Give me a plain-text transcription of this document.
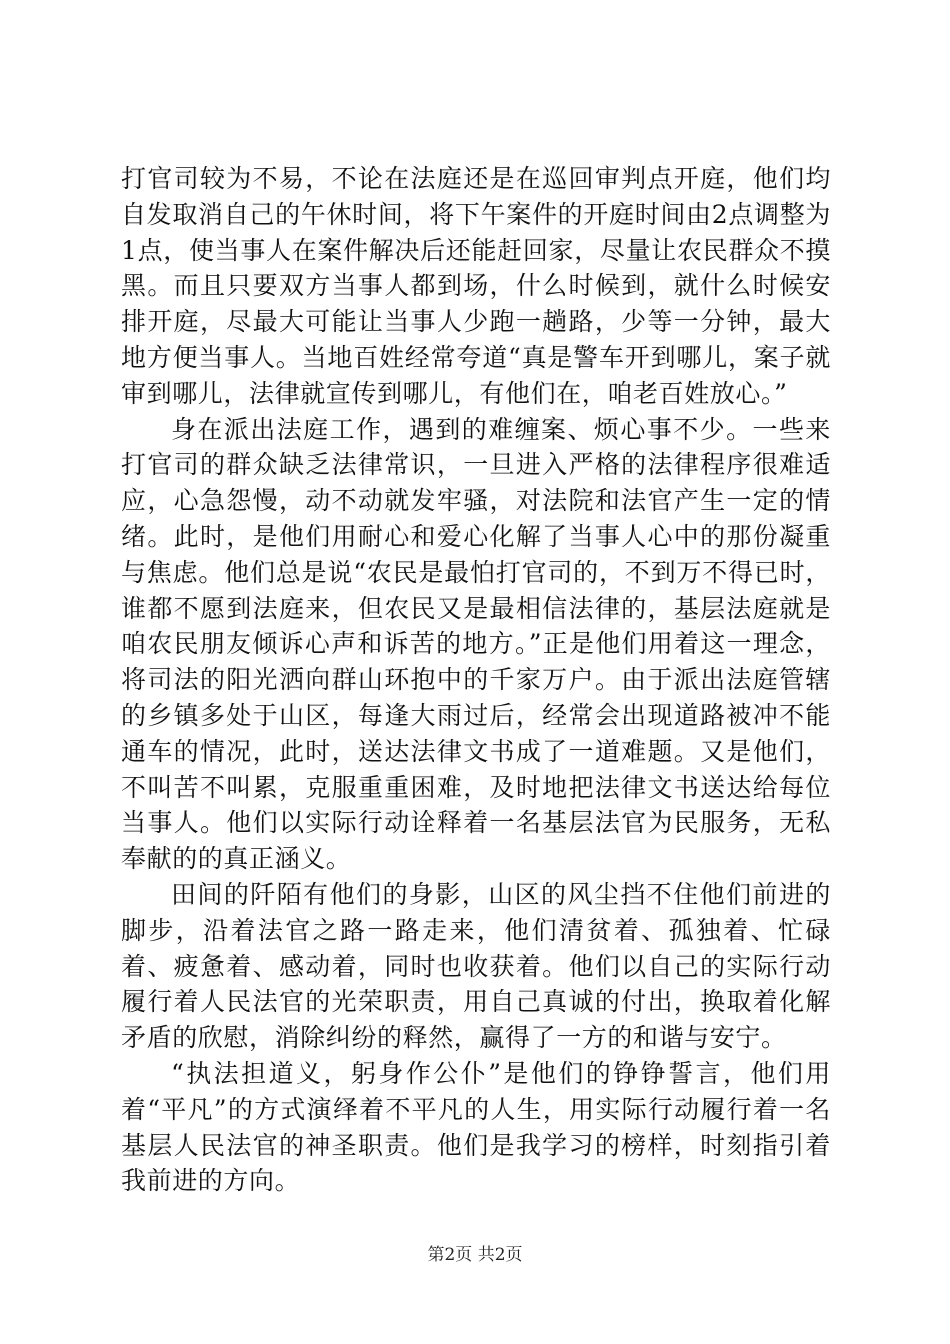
打官司较为不易，不论在法庭还是在巡回审判点开庭，他们均自发取消自己的午休时间，将下午案件的开庭时间由2点调整为1点，使当事人在案件解决后还能赶回家，尽量让农民群众不摸黑。而且只要双方当事人都到场，什么时候到，就什么时候安排开庭，尽最大可能让当事人少跑一趟路，少等一分钟，最大地方便当事人。当地百姓经常夸道“真是警车开到哪儿，案子就审到哪儿，法律就宣传到哪儿，有他们在，咱老百姓放心。”

身在派出法庭工作，遇到的难缠案、烦心事不少。一些来打官司的群众缺乏法律常识，一旦进入严格的法律程序很难适应，心急怨慢，动不动就发牢骚，对法院和法官产生一定的情绪。此时，是他们用耐心和爱心化解了当事人心中的那份凝重与焦虑。他们总是说“农民是最怕打官司的，不到万不得已时，谁都不愿到法庭来，但农民又是最相信法律的，基层法庭就是咱农民朋友倾诉心声和诉苦的地方。”正是他们用着这一理念，将司法的阳光洒向群山环抱中的千家万户。由于派出法庭管辖的乡镇多处于山区，每逢大雨过后，经常会出现道路被冲不能通车的情况，此时，送达法律文书成了一道难题。又是他们，不叫苦不叫累，克服重重困难，及时地把法律文书送达给每位当事人。他们以实际行动诠释着一名基层法官为民服务，无私奉献的的真正涵义。

田间的阡陌有他们的身影，山区的风尘挡不住他们前进的脚步，沿着法官之路一路走来，他们清贫着、孤独着、忙碌着、疲惫着、感动着，同时也收获着。他们以自己的实际行动履行着人民法官的光荣职责，用自己真诚的付出，换取着化解矛盾的欣慰，消除纠纷的释然，赢得了一方的和谐与安宁。

“执法担道义，躬身作公仆”是他们的铮铮誓言，他们用着“平凡”的方式演绎着不平凡的人生，用实际行动履行着一名基层人民法官的神圣职责。他们是我学习的榜样，时刻指引着我前进的方向。

第2页 共2页
